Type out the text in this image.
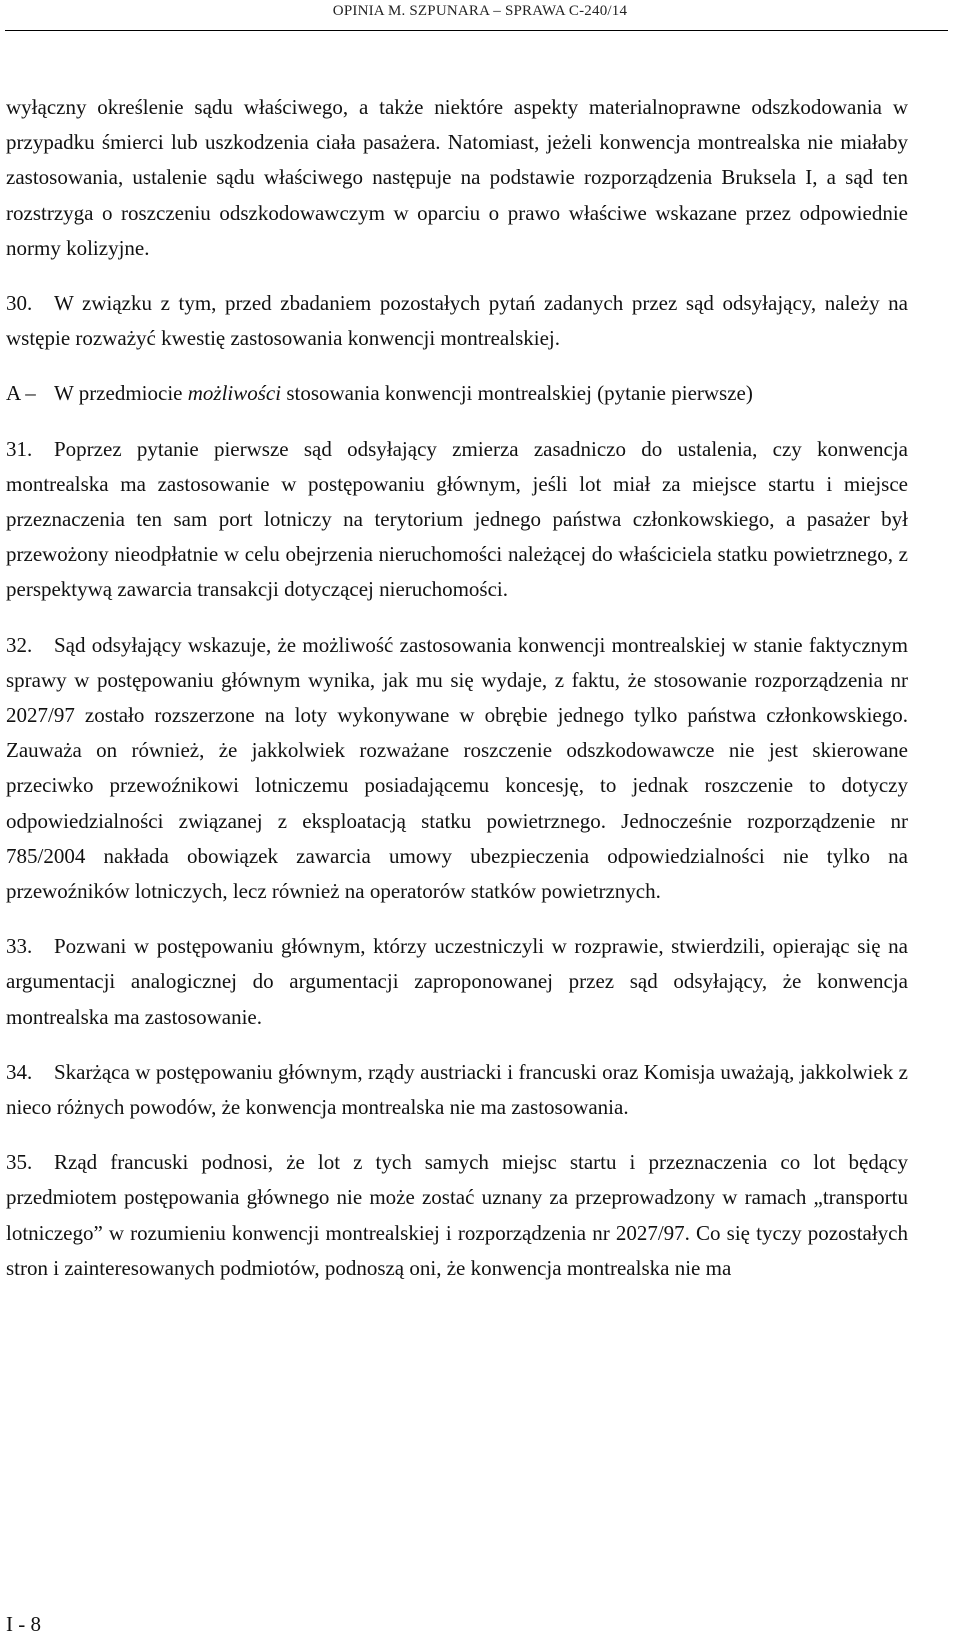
OPINIA M. SZPUNARA – SPRAWA C-240/14

wyłączny określenie sądu właściwego, a także niektóre aspekty materialnoprawne odszkodowania w przypadku śmierci lub uszkodzenia ciała pasażera. Natomiast, jeżeli konwencja montrealska nie miałaby zastosowania, ustalenie sądu właściwego następuje na podstawie rozporządzenia Bruksela I, a sąd ten rozstrzyga o roszczeniu odszkodowawczym w oparciu o prawo właściwe wskazane przez odpowiednie normy kolizyjne.

30. W związku z tym, przed zbadaniem pozostałych pytań zadanych przez sąd odsyłający, należy na wstępie rozważyć kwestię zastosowania konwencji montrealskiej.

A – W przedmiocie możliwości stosowania konwencji montrealskiej (pytanie pierwsze)

31. Poprzez pytanie pierwsze sąd odsyłający zmierza zasadniczo do ustalenia, czy konwencja montrealska ma zastosowanie w postępowaniu głównym, jeśli lot miał za miejsce startu i miejsce przeznaczenia ten sam port lotniczy na terytorium jednego państwa członkowskiego, a pasażer był przewożony nieodpłatnie w celu obejrzenia nieruchomości należącej do właściciela statku powietrznego, z perspektywą zawarcia transakcji dotyczącej nieruchomości.

32. Sąd odsyłający wskazuje, że możliwość zastosowania konwencji montrealskiej w stanie faktycznym sprawy w postępowaniu głównym wynika, jak mu się wydaje, z faktu, że stosowanie rozporządzenia nr 2027/97 zostało rozszerzone na loty wykonywane w obrębie jednego tylko państwa członkowskiego. Zauważa on również, że jakkolwiek rozważane roszczenie odszkodowawcze nie jest skierowane przeciwko przewoźnikowi lotniczemu posiadającemu koncesję, to jednak roszczenie to dotyczy odpowiedzialności związanej z eksploatacją statku powietrznego. Jednocześnie rozporządzenie nr 785/2004 nakłada obowiązek zawarcia umowy ubezpieczenia odpowiedzialności nie tylko na przewoźników lotniczych, lecz również na operatorów statków powietrznych.

33. Pozwani w postępowaniu głównym, którzy uczestniczyli w rozprawie, stwierdzili, opierając się na argumentacji analogicznej do argumentacji zaproponowanej przez sąd odsyłający, że konwencja montrealska ma zastosowanie.

34. Skarżąca w postępowaniu głównym, rządy austriacki i francuski oraz Komisja uważają, jakkolwiek z nieco różnych powodów, że konwencja montrealska nie ma zastosowania.

35. Rząd francuski podnosi, że lot z tych samych miejsc startu i przeznaczenia co lot będący przedmiotem postępowania głównego nie może zostać uznany za przeprowadzony w ramach „transportu lotniczego” w rozumieniu konwencji montrealskiej i rozporządzenia nr 2027/97. Co się tyczy pozostałych stron i zainteresowanych podmiotów, podnoszą oni, że konwencja montrealska nie ma

I - 8
